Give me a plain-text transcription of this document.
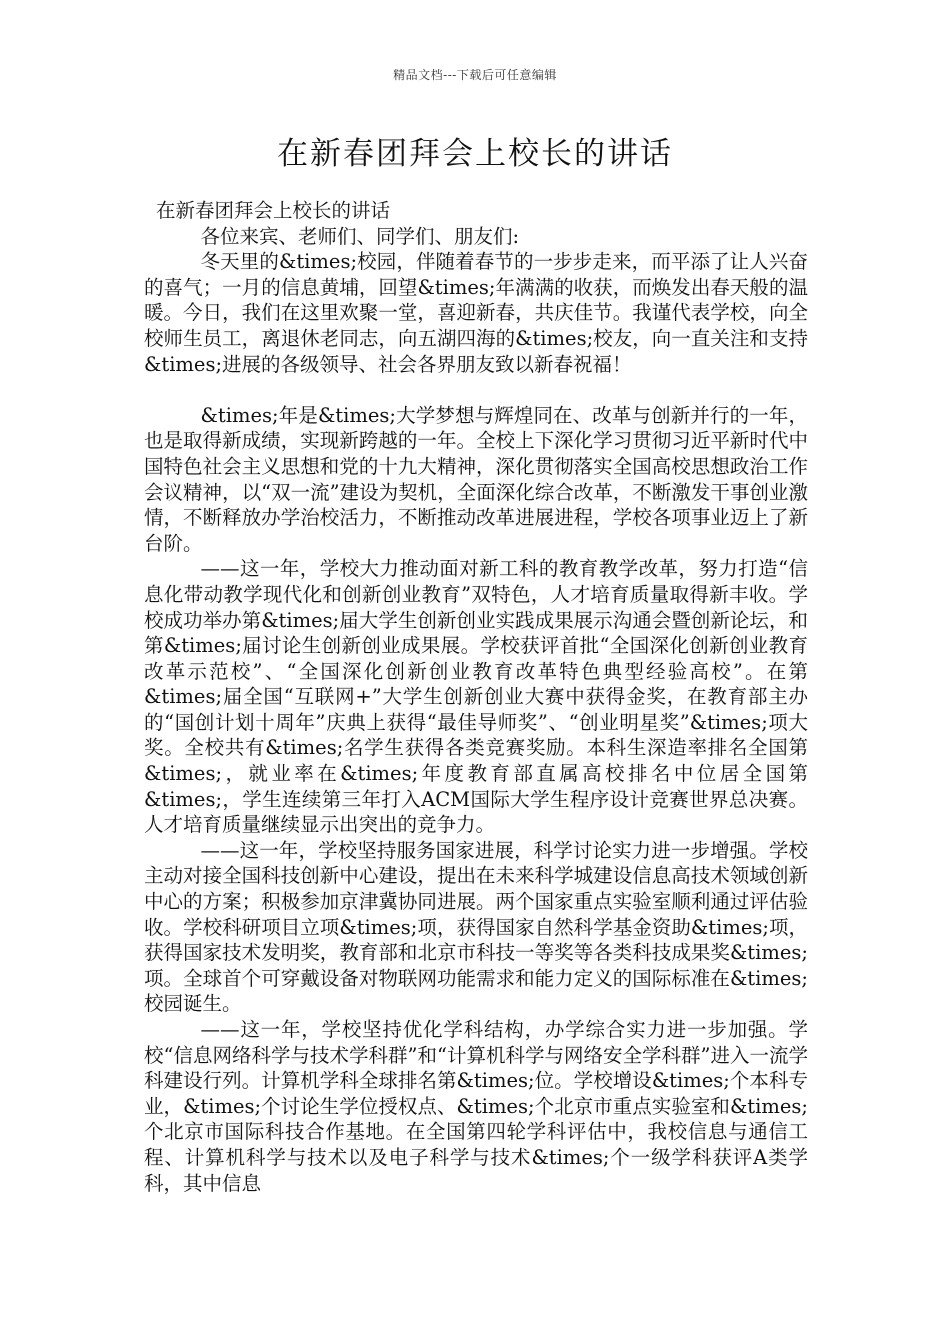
精品文档---下载后可任意编辑
在新春团拜会上校长的讲话

在新春团拜会上校长的讲话

各位来宾、老师们、同学们、朋友们:

冬天里的&times;校园，伴随着春节的一步步走来，而平添了让人兴奋的喜气；一月的信息黄埔，回望&times;年满满的收获，而焕发出春天般的温暖。今日，我们在这里欢聚一堂，喜迎新春，共庆佳节。我谨代表学校，向全校师生员工，离退休老同志，向五湖四海的&times;校友，向一直关注和支持&times;进展的各级领导、社会各界朋友致以新春祝福！

&times;年是&times;大学梦想与辉煌同在、改革与创新并行的一年，也是取得新成绩，实现新跨越的一年。全校上下深化学习贯彻习近平新时代中国特色社会主义思想和党的十九大精神，深化贯彻落实全国高校思想政治工作会议精神，以“双一流”建设为契机，全面深化综合改革，不断激发干事创业激情，不断释放办学治校活力，不断推动改革进展进程，学校各项事业迈上了新台阶。

——这一年，学校大力推动面对新工科的教育教学改革，努力打造“信息化带动教学现代化和创新创业教育”双特色，人才培育质量取得新丰收。学校成功举办第&times;届大学生创新创业实践成果展示沟通会暨创新论坛，和第&times;届讨论生创新创业成果展。学校获评首批“全国深化创新创业教育改革示范校”、“全国深化创新创业教育改革特色典型经验高校”。在第&times;届全国“互联网+”大学生创新创业大赛中获得金奖，在教育部主办的“国创计划十周年”庆典上获得“最佳导师奖”、“创业明星奖”&times;项大奖。全校共有&times;名学生获得各类竞赛奖励。本科生深造率排名全国第&times;，就业率在&times;年度教育部直属高校排名中位居全国第&times;，学生连续第三年打入ACM国际大学生程序设计竞赛世界总决赛。人才培育质量继续显示出突出的竞争力。

——这一年，学校坚持服务国家进展，科学讨论实力进一步增强。学校主动对接全国科技创新中心建设，提出在未来科学城建设信息高技术领域创新中心的方案；积极参加京津冀协同进展。两个国家重点实验室顺利通过评估验收。学校科研项目立项&times;项，获得国家自然科学基金资助&times;项，获得国家技术发明奖，教育部和北京市科技一等奖等各类科技成果奖&times;项。全球首个可穿戴设备对物联网功能需求和能力定义的国际标准在&times;校园诞生。

——这一年，学校坚持优化学科结构，办学综合实力进一步加强。学校“信息网络科学与技术学科群”和“计算机科学与网络安全学科群”进入一流学科建设行列。计算机学科全球排名第&times;位。学校增设&times;个本科专业，&times;个讨论生学位授权点、&times;个北京市重点实验室和&times;个北京市国际科技合作基地。在全国第四轮学科评估中，我校信息与通信工程、计算机科学与技术以及电子科学与技术&times;个一级学科获评A类学科，其中信息
